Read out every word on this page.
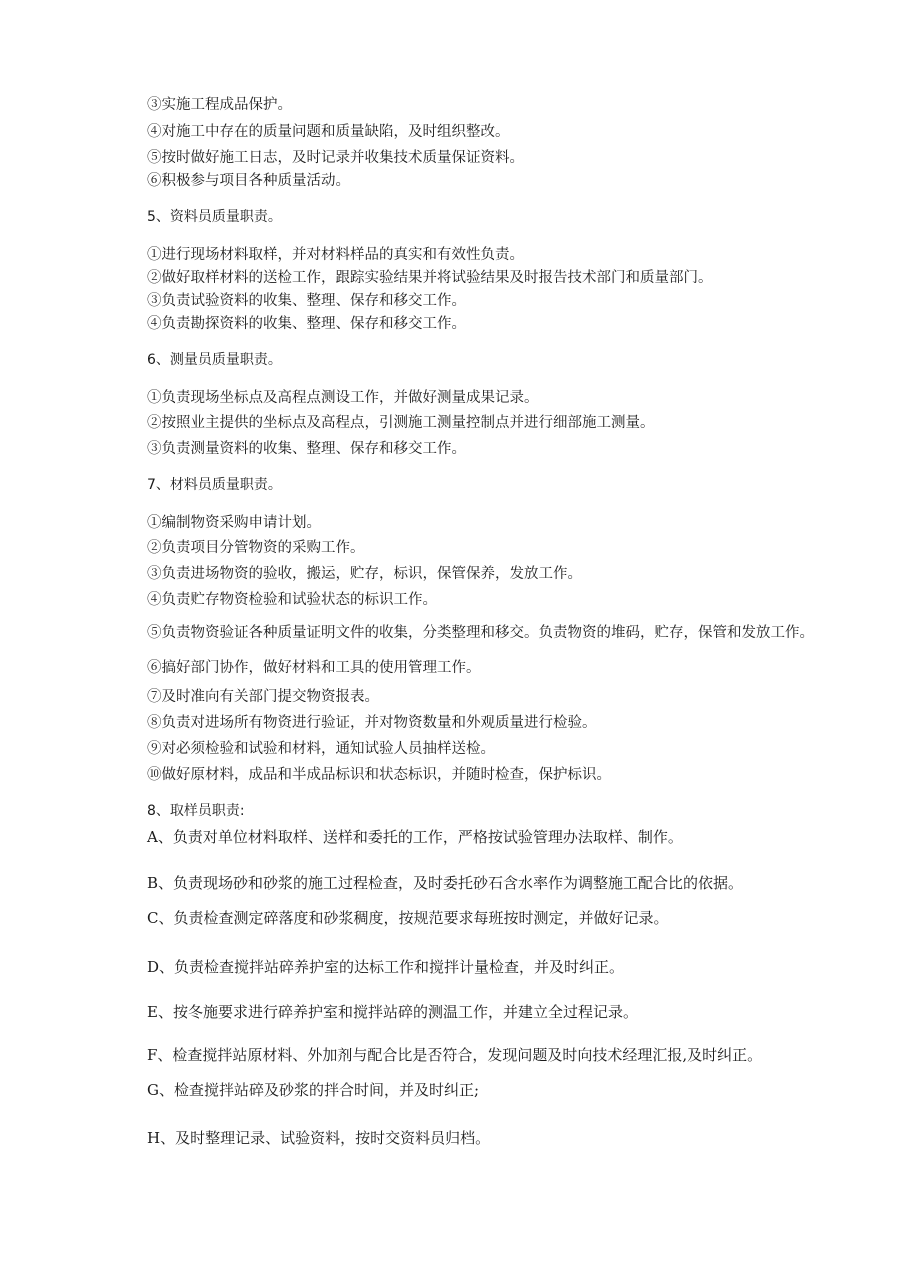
③实施工程成品保护。
④对施工中存在的质量问题和质量缺陷，及时组织整改。
⑤按时做好施工日志，及时记录并收集技术质量保证资料。
⑥积极参与项目各种质量活动。
5、资料员质量职责。
①进行现场材料取样，并对材料样品的真实和有效性负责。
②做好取样材料的送检工作，跟踪实验结果并将试验结果及时报告技术部门和质量部门。
③负责试验资料的收集、整理、保存和移交工作。
④负责勘探资料的收集、整理、保存和移交工作。
6、测量员质量职责。
①负责现场坐标点及高程点测设工作，并做好测量成果记录。
②按照业主提供的坐标点及高程点，引测施工测量控制点并进行细部施工测量。
③负责测量资料的收集、整理、保存和移交工作。
7、材料员质量职责。
①编制物资采购申请计划。
②负责项目分管物资的采购工作。
③负责进场物资的验收，搬运，贮存，标识，保管保养，发放工作。
④负责贮存物资检验和试验状态的标识工作。
⑤负责物资验证各种质量证明文件的收集，分类整理和移交。负责物资的堆码，贮存，保管和发放工作。
⑥搞好部门协作，做好材料和工具的使用管理工作。
⑦及时准向有关部门提交物资报表。
⑧负责对进场所有物资进行验证，并对物资数量和外观质量进行检验。
⑨对必须检验和试验和材料，通知试验人员抽样送检。
⑩做好原材料，成品和半成品标识和状态标识，并随时检查，保护标识。
8、取样员职责:
A、负责对单位材料取样、送样和委托的工作，严格按试验管理办法取样、制作。
B、负责现场砂和砂浆的施工过程检查，及时委托砂石含水率作为调整施工配合比的依据。
C、负责检查测定碎落度和砂浆稠度，按规范要求每班按时测定，并做好记录。
D、负责检查搅拌站碎养护室的达标工作和搅拌计量检查，并及时纠正。
E、按冬施要求进行碎养护室和搅拌站碎的测温工作，并建立全过程记录。
F、检查搅拌站原材料、外加剂与配合比是否符合，发现问题及时向技术经理汇报,及时纠正。
G、检查搅拌站碎及砂浆的拌合时间，并及时纠正;
H、及时整理记录、试验资料，按时交资料员归档。
